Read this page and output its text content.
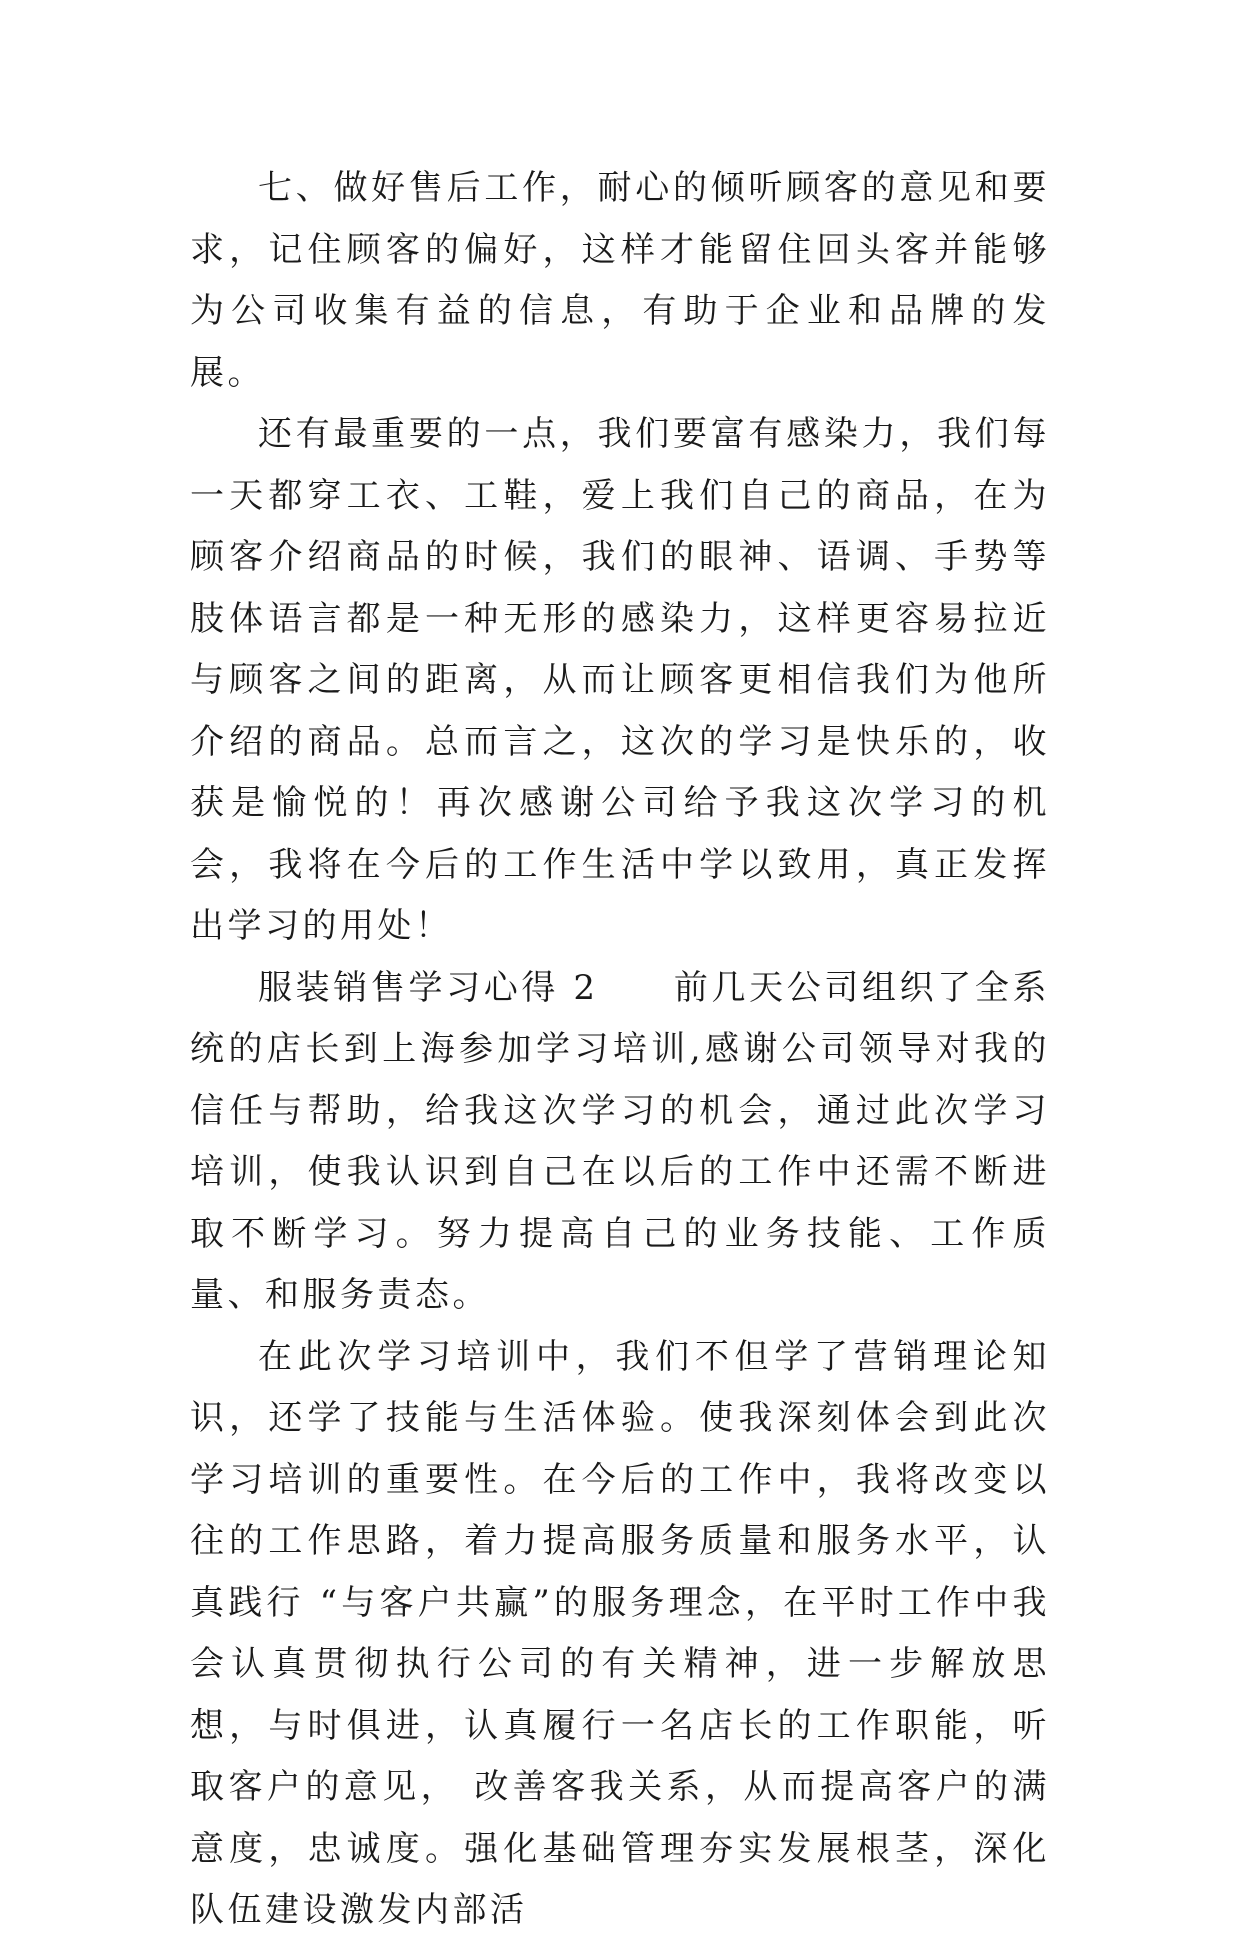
七、做好售后工作，耐心的倾听顾客的意见和要求，记住顾客的偏好，这样才能留住回头客并能够为公司收集有益的信息，有助于企业和品牌的发展。

还有最重要的一点，我们要富有感染力，我们每一天都穿工衣、工鞋，爱上我们自己的商品，在为顾客介绍商品的时候，我们的眼神、语调、手势等肢体语言都是一种无形的感染力，这样更容易拉近与顾客之间的距离，从而让顾客更相信我们为他所介绍的商品。总而言之，这次的学习是快乐的，收获是愉悦的！再次感谢公司给予我这次学习的机会，我将在今后的工作生活中学以致用，真正发挥出学习的用处！

服装销售学习心得 2　　前几天公司组织了全系统的店长到上海参加学习培训,感谢公司领导对我的信任与帮助，给我这次学习的机会，通过此次学习培训，使我认识到自己在以后的工作中还需不断进取不断学习。努力提高自己的业务技能、工作质量、和服务责态。

在此次学习培训中，我们不但学了营销理论知识，还学了技能与生活体验。使我深刻体会到此次学习培训的重要性。在今后的工作中，我将改变以往的工作思路，着力提高服务质量和服务水平，认真践行 “与客户共赢”的服务理念，在平时工作中我会认真贯彻执行公司的有关精神，进一步解放思想，与时俱进，认真履行一名店长的工作职能，听取客户的意见， 改善客我关系，从而提高客户的满意度，忠诚度。强化基础管理夯实发展根茎，深化队伍建设激发内部活
